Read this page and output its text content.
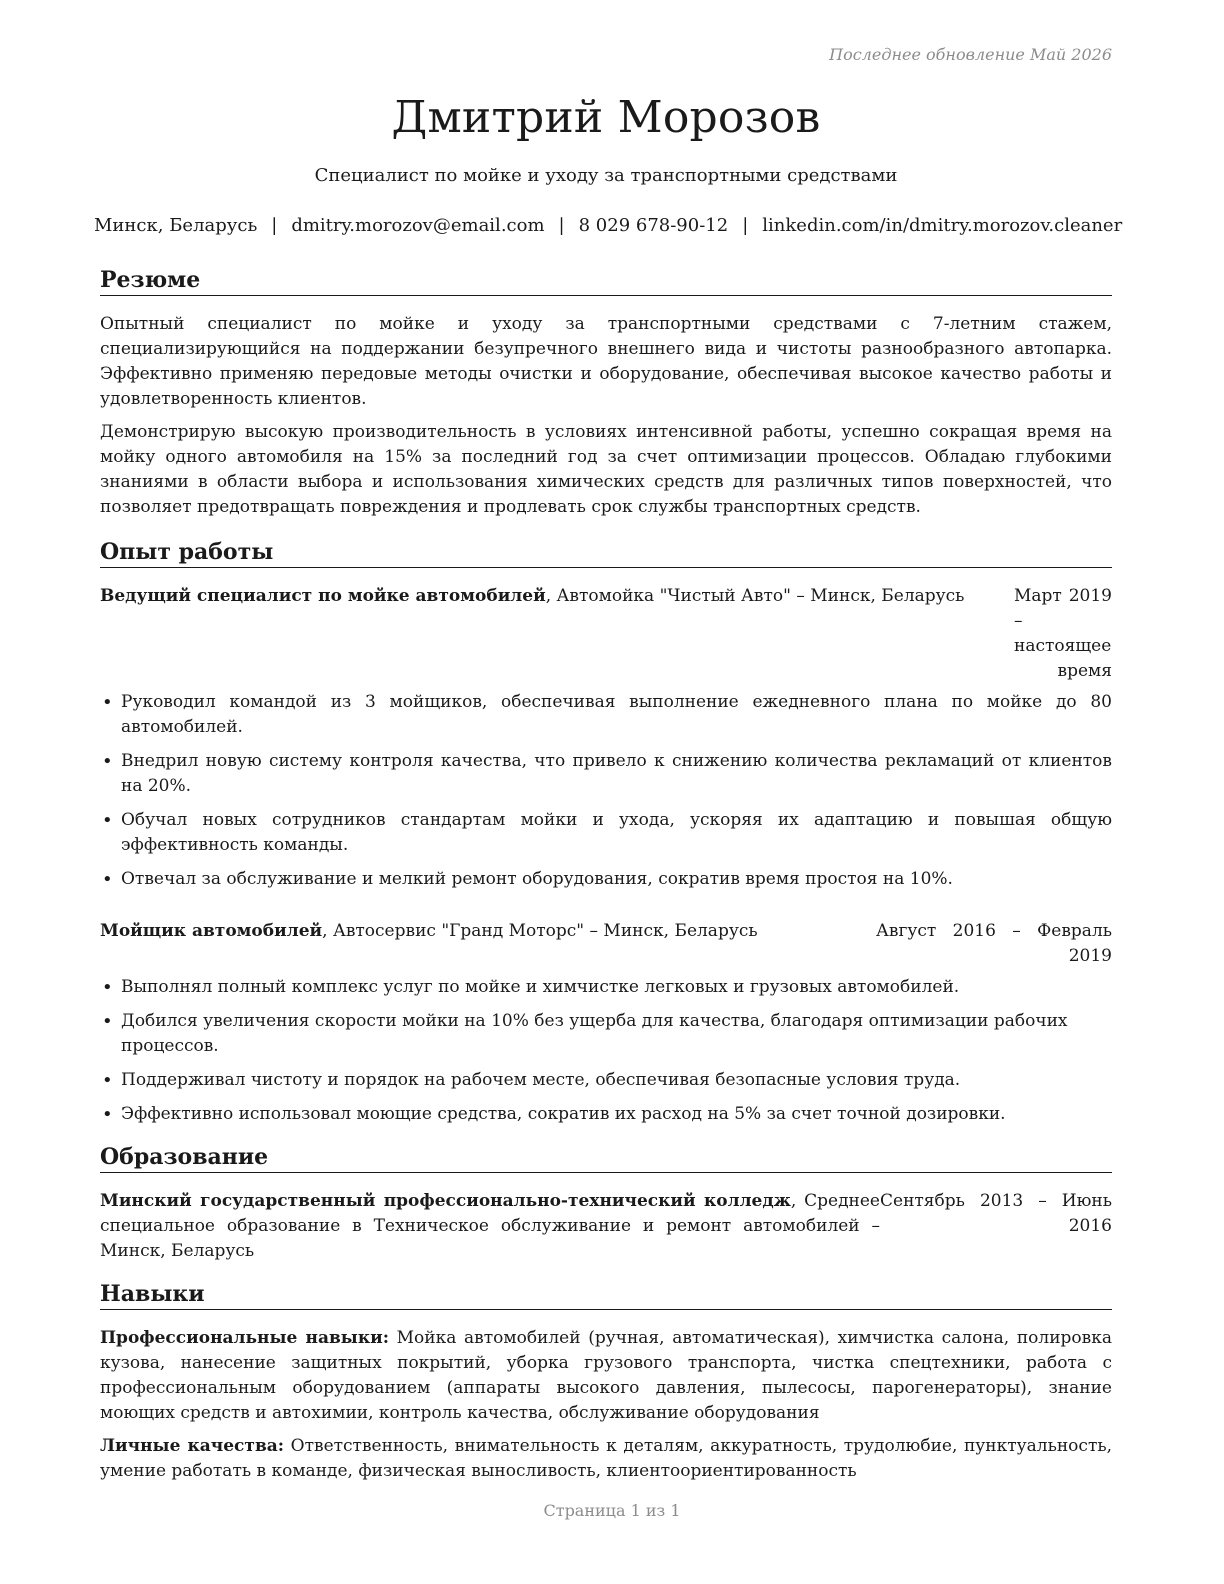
Последнее обновление Май 2026
Дмитрий Морозов
Специалист по мойке и уходу за транспортными средствами
Минск, Беларусь | dmitry.morozov@email.com | 8 029 678-90-12 | linkedin.com/in/dmitry.morozov.cleaner
Резюме

Опытный специалист по мойке и уходу за транспортными средствами с 7-летним стажем, специализирующийся на поддержании безупречного внешнего вида и чистоты разнообразного автопарка. Эффективно применяю передовые методы очистки и оборудование, обеспечивая высокое качество работы и удовлетворенность клиентов.

Демонстрирую высокую производительность в условиях интенсивной работы, успешно сокращая время на мойку одного автомобиля на 15% за последний год за счет оптимизации процессов. Обладаю глубокими знаниями в области выбора и использования химических средств для различных типов поверхностей, что позволяет предотвращать повреждения и продлевать срок службы транспортных средств.

Опыт работы
Ведущий специалист по мойке автомобилей, Автомойка "Чистый Авто" – Минск, Беларусь	Март 2019 – настоящее время
• Руководил командой из 3 мойщиков, обеспечивая выполнение ежедневного плана по мойке до 80 автомобилей.
• Внедрил новую систему контроля качества, что привело к снижению количества рекламаций от клиентов на 20%.
• Обучал новых сотрудников стандартам мойки и ухода, ускоряя их адаптацию и повышая общую эффективность команды.
• Отвечал за обслуживание и мелкий ремонт оборудования, сократив время простоя на 10%.
Мойщик автомобилей, Автосервис "Гранд Моторс" – Минск, Беларусь	Август 2016 – Февраль 2019
• Выполнял полный комплекс услуг по мойке и химчистке легковых и грузовых автомобилей.
• Добился увеличения скорости мойки на 10% без ущерба для качества, благодаря оптимизации рабочих процессов.
• Поддерживал чистоту и порядок на рабочем месте, обеспечивая безопасные условия труда.
• Эффективно использовал моющие средства, сократив их расход на 5% за счет точной дозировки.
Образование
Минский государственный профессионально-технический колледж, Среднее специальное образование в Техническое обслуживание и ремонт автомобилей – Минск, Беларусь
Сентябрь 2013 – Июнь 2016
Навыки

Профессиональные навыки: Мойка автомобилей (ручная, автоматическая), химчистка салона, полировка кузова, нанесение защитных покрытий, уборка грузового транспорта, чистка спецтехники, работа с профессиональным оборудованием (аппараты высокого давления, пылесосы, парогенераторы), знание моющих средств и автохимии, контроль качества, обслуживание оборудования

Личные качества: Ответственность, внимательность к деталям, аккуратность, трудолюбие, пунктуальность, умение работать в команде, физическая выносливость, клиентоориентированность

Страница 1 из 1
